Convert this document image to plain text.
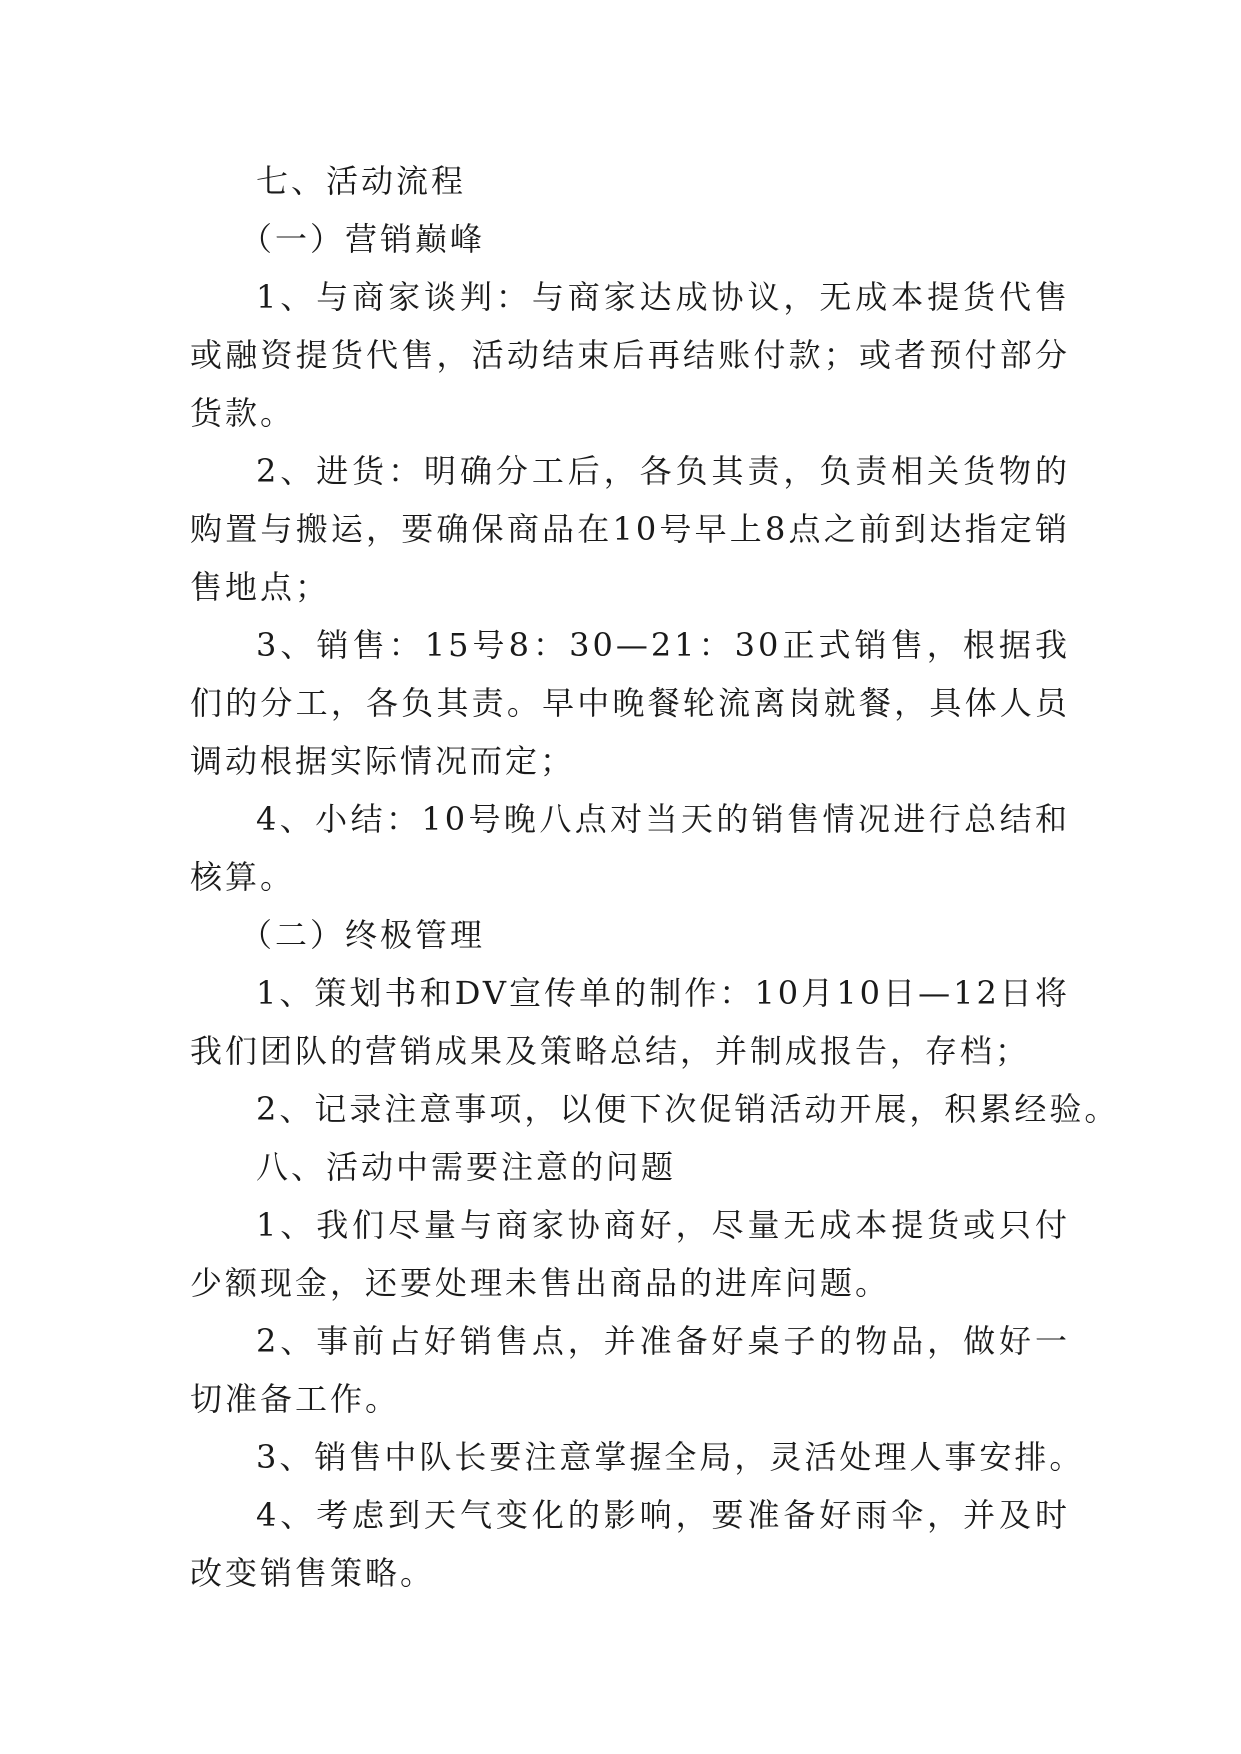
七、活动流程

（一）营销巅峰

1、与商家谈判：与商家达成协议，无成本提货代售或融资提货代售，活动结束后再结账付款；或者预付部分货款。

2、进货：明确分工后，各负其责，负责相关货物的购置与搬运，要确保商品在10号早上8点之前到达指定销售地点；

3、销售：15号8：30—21：30正式销售，根据我们的分工，各负其责。早中晚餐轮流离岗就餐，具体人员调动根据实际情况而定；

4、小结：10号晚八点对当天的销售情况进行总结和核算。

（二）终极管理

1、策划书和DV宣传单的制作：10月10日—12日将我们团队的营销成果及策略总结，并制成报告，存档；

2、记录注意事项，以便下次促销活动开展，积累经验。

八、活动中需要注意的问题

1、我们尽量与商家协商好，尽量无成本提货或只付少额现金，还要处理未售出商品的进库问题。

2、事前占好销售点，并准备好桌子的物品，做好一切准备工作。

3、销售中队长要注意掌握全局，灵活处理人事安排。

4、考虑到天气变化的影响，要准备好雨伞，并及时改变销售策略。
